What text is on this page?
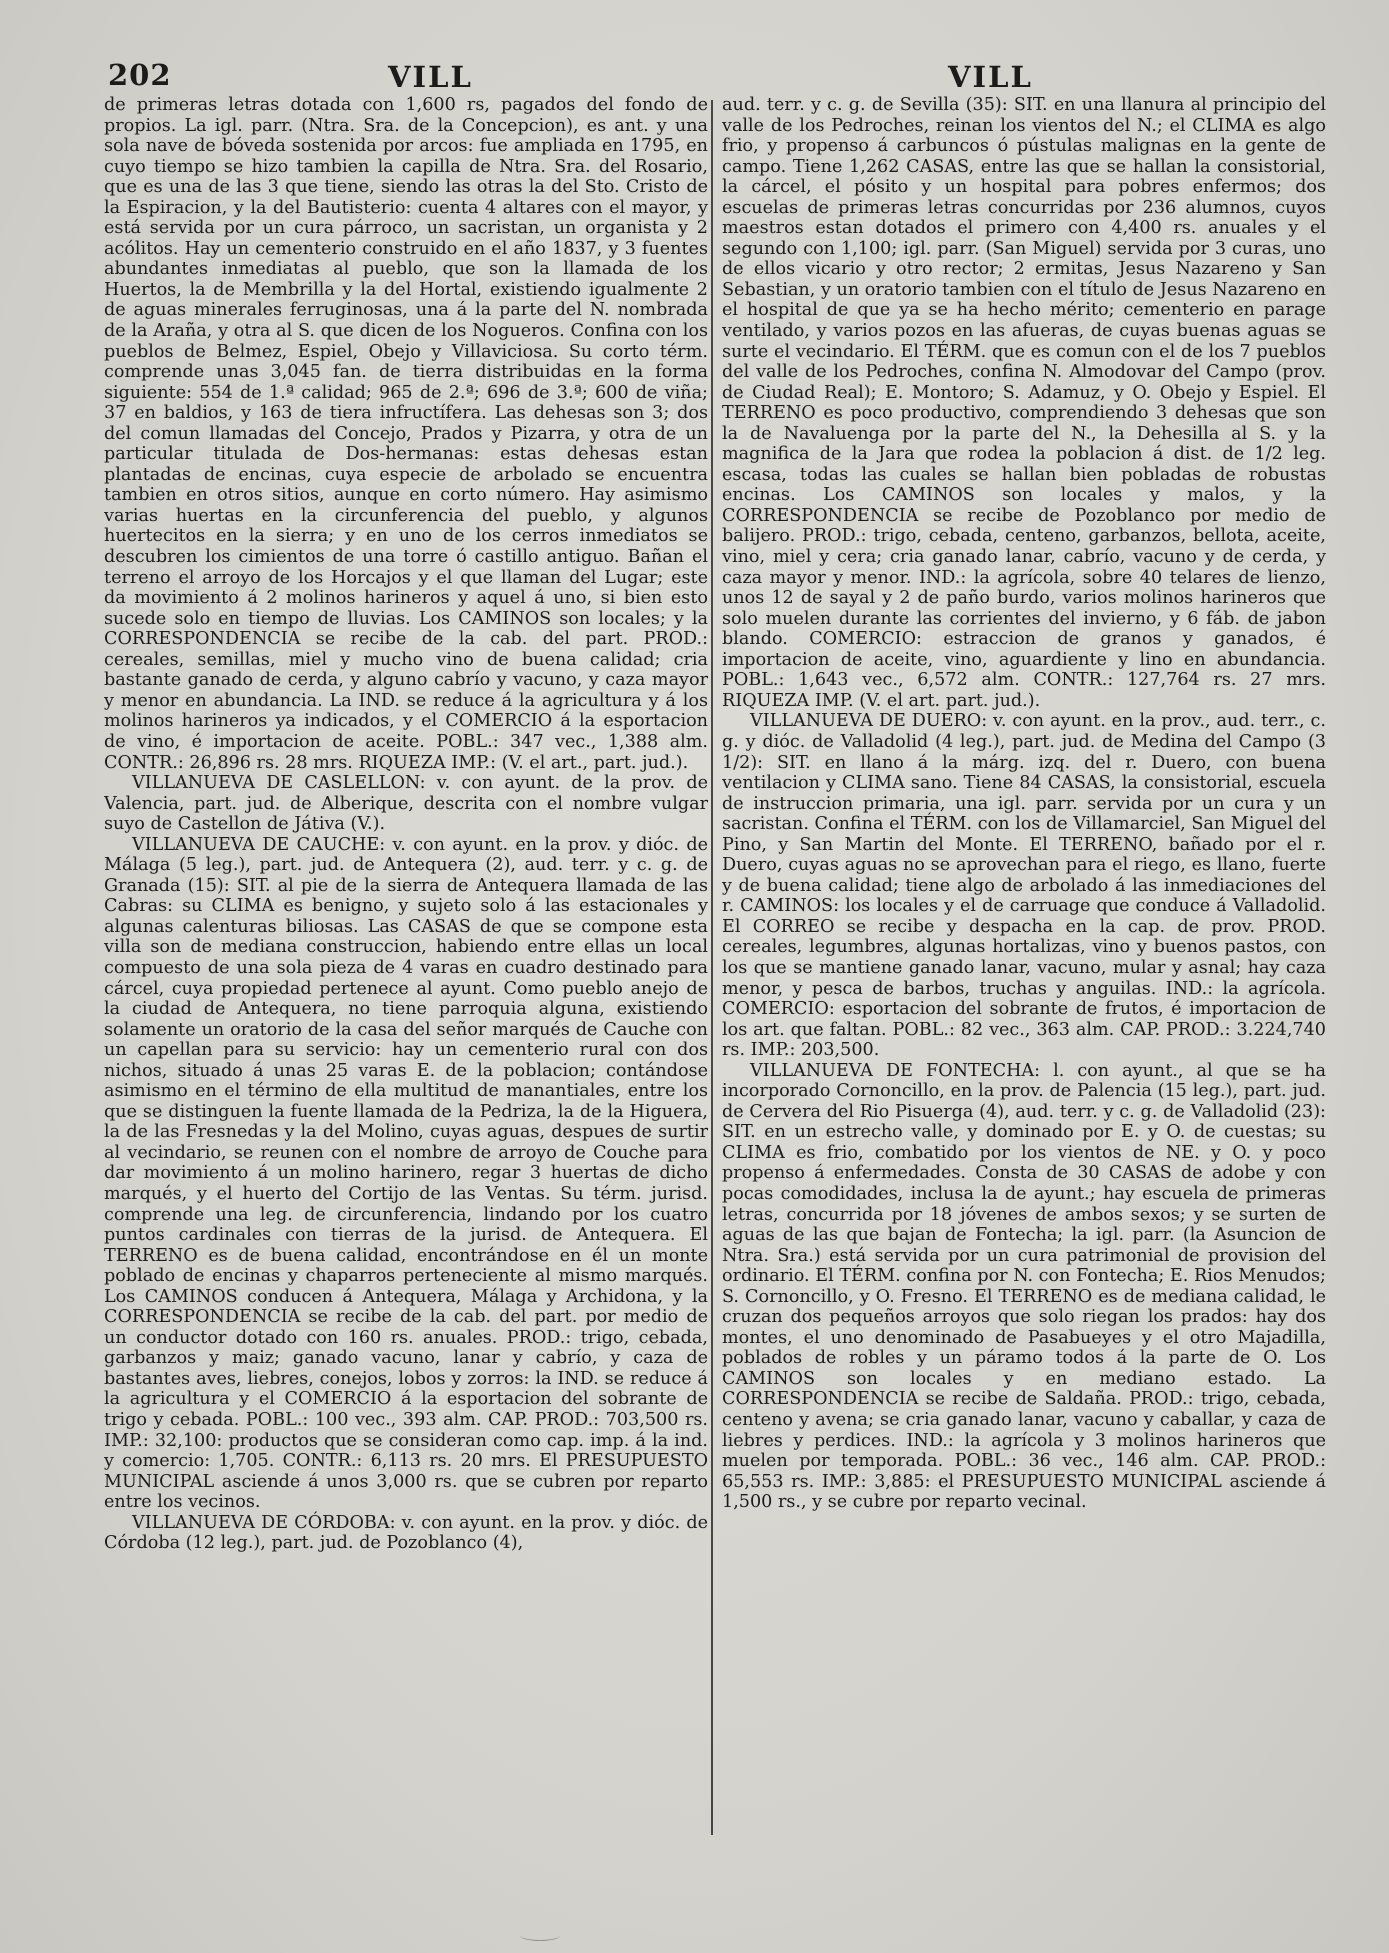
202	VILL	VILL

de primeras letras dotada con 1,600 rs, pagados del fondo de propios. La igl. parr. (Ntra. Sra. de la Concepcion), es ant. y una sola nave de bóveda sostenida por arcos: fue ampliada en 1795, en cuyo tiempo se hizo tambien la capilla de Ntra. Sra. del Rosario, que es una de las 3 que tiene, siendo las otras la del Sto. Cristo de la Espiracion, y la del Bautisterio: cuenta 4 altares con el mayor, y está servida por un cura párroco, un sacristan, un organista y 2 acólitos. Hay un cementerio construido en el año 1837, y 3 fuentes abundantes inmediatas al pueblo, que son la llamada de los Huertos, la de Membrilla y la del Hortal, existiendo igualmente 2 de aguas minerales ferruginosas, una á la parte del N. nombrada de la Araña, y otra al S. que dicen de los Nogueros. Confina con los pueblos de Belmez, Espiel, Obejo y Villaviciosa. Su corto térm. comprende unas 3,045 fan. de tierra distribuidas en la forma siguiente: 554 de 1.ª calidad; 965 de 2.ª; 696 de 3.ª; 600 de viña; 37 en baldios, y 163 de tiera infructífera. Las dehesas son 3; dos del comun llamadas del Concejo, Prados y Pizarra, y otra de un particular titulada de Dos-hermanas: estas dehesas estan plantadas de encinas, cuya especie de arbolado se encuentra tambien en otros sitios, aunque en corto número. Hay asimismo varias huertas en la circunferencia del pueblo, y algunos huertecitos en la sierra; y en uno de los cerros inmediatos se descubren los cimientos de una torre ó castillo antiguo. Bañan el terreno el arroyo de los Horcajos y el que llaman del Lugar; este da movimiento á 2 molinos harineros y aquel á uno, si bien esto sucede solo en tiempo de lluvias. Los CAMINOS son locales; y la CORRESPONDENCIA se recibe de la cab. del part. PROD.: cereales, semillas, miel y mucho vino de buena calidad; cria bastante ganado de cerda, y alguno cabrío y vacuno, y caza mayor y menor en abundancia. La IND. se reduce á la agricultura y á los molinos harineros ya indicados, y el COMERCIO á la esportacion de vino, é importacion de aceite. POBL.: 347 vec., 1,388 alm. CONTR.: 26,896 rs. 28 mrs. RIQUEZA IMP.: (V. el art., part. jud.).

VILLANUEVA DE CASLELLON: v. con ayunt. de la prov. de Valencia, part. jud. de Alberique, descrita con el nombre vulgar suyo de Castellon de Játiva (V.).

VILLANUEVA DE CAUCHE: v. con ayunt. en la prov. y dióc. de Málaga (5 leg.), part. jud. de Antequera (2), aud. terr. y c. g. de Granada (15): SIT. al pie de la sierra de Antequera llamada de las Cabras: su CLIMA es benigno, y sujeto solo á las estacionales y algunas calenturas biliosas. Las CASAS de que se compone esta villa son de mediana construccion, habiendo entre ellas un local compuesto de una sola pieza de 4 varas en cuadro destinado para cárcel, cuya propiedad pertenece al ayunt. Como pueblo anejo de la ciudad de Antequera, no tiene parroquia alguna, existiendo solamente un oratorio de la casa del señor marqués de Cauche con un capellan para su servicio: hay un cementerio rural con dos nichos, situado á unas 25 varas E. de la poblacion; contándose asimismo en el término de ella multitud de manantiales, entre los que se distinguen la fuente llamada de la Pedriza, la de la Higuera, la de las Fresnedas y la del Molino, cuyas aguas, despues de surtir al vecindario, se reunen con el nombre de arroyo de Couche para dar movimiento á un molino harinero, regar 3 huertas de dicho marqués, y el huerto del Cortijo de las Ventas. Su térm. jurisd. comprende una leg. de circunferencia, lindando por los cuatro puntos cardinales con tierras de la jurisd. de Antequera. El TERRENO es de buena calidad, encontrándose en él un monte poblado de encinas y chaparros perteneciente al mismo marqués. Los CAMINOS conducen á Antequera, Málaga y Archidona, y la CORRESPONDENCIA se recibe de la cab. del part. por medio de un conductor dotado con 160 rs. anuales. PROD.: trigo, cebada, garbanzos y maiz; ganado vacuno, lanar y cabrío, y caza de bastantes aves, liebres, conejos, lobos y zorros: la IND. se reduce á la agricultura y el COMERCIO á la esportacion del sobrante de trigo y cebada. POBL.: 100 vec., 393 alm. CAP. PROD.: 703,500 rs. IMP.: 32,100: productos que se consideran como cap. imp. á la ind. y comercio: 1,705. CONTR.: 6,113 rs. 20 mrs. El PRESUPUESTO MUNICIPAL asciende á unos 3,000 rs. que se cubren por reparto entre los vecinos.

VILLANUEVA DE CÓRDOBA: v. con ayunt. en la prov. y dióc. de Córdoba (12 leg.), part. jud. de Pozoblanco (4),

aud. terr. y c. g. de Sevilla (35): SIT. en una llanura al principio del valle de los Pedroches, reinan los vientos del N.; el CLIMA es algo frio, y propenso á carbuncos ó pústulas malignas en la gente de campo. Tiene 1,262 CASAS, entre las que se hallan la consistorial, la cárcel, el pósito y un hospital para pobres enfermos; dos escuelas de primeras letras concurridas por 236 alumnos, cuyos maestros estan dotados el primero con 4,400 rs. anuales y el segundo con 1,100; igl. parr. (San Miguel) servida por 3 curas, uno de ellos vicario y otro rector; 2 ermitas, Jesus Nazareno y San Sebastian, y un oratorio tambien con el título de Jesus Nazareno en el hospital de que ya se ha hecho mérito; cementerio en parage ventilado, y varios pozos en las afueras, de cuyas buenas aguas se surte el vecindario. El TÉRM. que es comun con el de los 7 pueblos del valle de los Pedroches, confina N. Almodovar del Campo (prov. de Ciudad Real); E. Montoro; S. Adamuz, y O. Obejo y Espiel. El TERRENO es poco productivo, comprendiendo 3 dehesas que son la de Navaluenga por la parte del N., la Dehesilla al S. y la magnifica de la Jara que rodea la poblacion á dist. de 1/2 leg. escasa, todas las cuales se hallan bien pobladas de robustas encinas. Los CAMINOS son locales y malos, y la CORRESPONDENCIA se recibe de Pozoblanco por medio de balijero. PROD.: trigo, cebada, centeno, garbanzos, bellota, aceite, vino, miel y cera; cria ganado lanar, cabrío, vacuno y de cerda, y caza mayor y menor. IND.: la agrícola, sobre 40 telares de lienzo, unos 12 de sayal y 2 de paño burdo, varios molinos harineros que solo muelen durante las corrientes del invierno, y 6 fáb. de jabon blando. COMERCIO: estraccion de granos y ganados, é importacion de aceite, vino, aguardiente y lino en abundancia. POBL.: 1,643 vec., 6,572 alm. CONTR.: 127,764 rs. 27 mrs. RIQUEZA IMP. (V. el art. part. jud.).

VILLANUEVA DE DUERO: v. con ayunt. en la prov., aud. terr., c. g. y dióc. de Valladolid (4 leg.), part. jud. de Medina del Campo (3 1/2): SIT. en llano á la márg. izq. del r. Duero, con buena ventilacion y CLIMA sano. Tiene 84 CASAS, la consistorial, escuela de instruccion primaria, una igl. parr. servida por un cura y un sacristan. Confina el TÉRM. con los de Villamarciel, San Miguel del Pino, y San Martin del Monte. El TERRENO, bañado por el r. Duero, cuyas aguas no se aprovechan para el riego, es llano, fuerte y de buena calidad; tiene algo de arbolado á las inmediaciones del r. CAMINOS: los locales y el de carruage que conduce á Valladolid. El CORREO se recibe y despacha en la cap. de prov. PROD. cereales, legumbres, algunas hortalizas, vino y buenos pastos, con los que se mantiene ganado lanar, vacuno, mular y asnal; hay caza menor, y pesca de barbos, truchas y anguilas. IND.: la agrícola. COMERCIO: esportacion del sobrante de frutos, é importacion de los art. que faltan. POBL.: 82 vec., 363 alm. CAP. PROD.: 3.224,740 rs. IMP.: 203,500.

VILLANUEVA DE FONTECHA: l. con ayunt., al que se ha incorporado Cornoncillo, en la prov. de Palencia (15 leg.), part. jud. de Cervera del Rio Pisuerga (4), aud. terr. y c. g. de Valladolid (23): SIT. en un estrecho valle, y dominado por E. y O. de cuestas; su CLIMA es frio, combatido por los vientos de NE. y O. y poco propenso á enfermedades. Consta de 30 CASAS de adobe y con pocas comodidades, inclusa la de ayunt.; hay escuela de primeras letras, concurrida por 18 jóvenes de ambos sexos; y se surten de aguas de las que bajan de Fontecha; la igl. parr. (la Asuncion de Ntra. Sra.) está servida por un cura patrimonial de provision del ordinario. El TÉRM. confina por N. con Fontecha; E. Rios Menudos; S. Cornoncillo, y O. Fresno. El TERRENO es de mediana calidad, le cruzan dos pequeños arroyos que solo riegan los prados: hay dos montes, el uno denominado de Pasabueyes y el otro Majadilla, poblados de robles y un páramo todos á la parte de O. Los CAMINOS son locales y en mediano estado. La CORRESPONDENCIA se recibe de Saldaña. PROD.: trigo, cebada, centeno y avena; se cria ganado lanar, vacuno y caballar, y caza de liebres y perdices. IND.: la agrícola y 3 molinos harineros que muelen por temporada. POBL.: 36 vec., 146 alm. CAP. PROD.: 65,553 rs. IMP.: 3,885: el PRESUPUESTO MUNICIPAL asciende á 1,500 rs., y se cubre por reparto vecinal.
